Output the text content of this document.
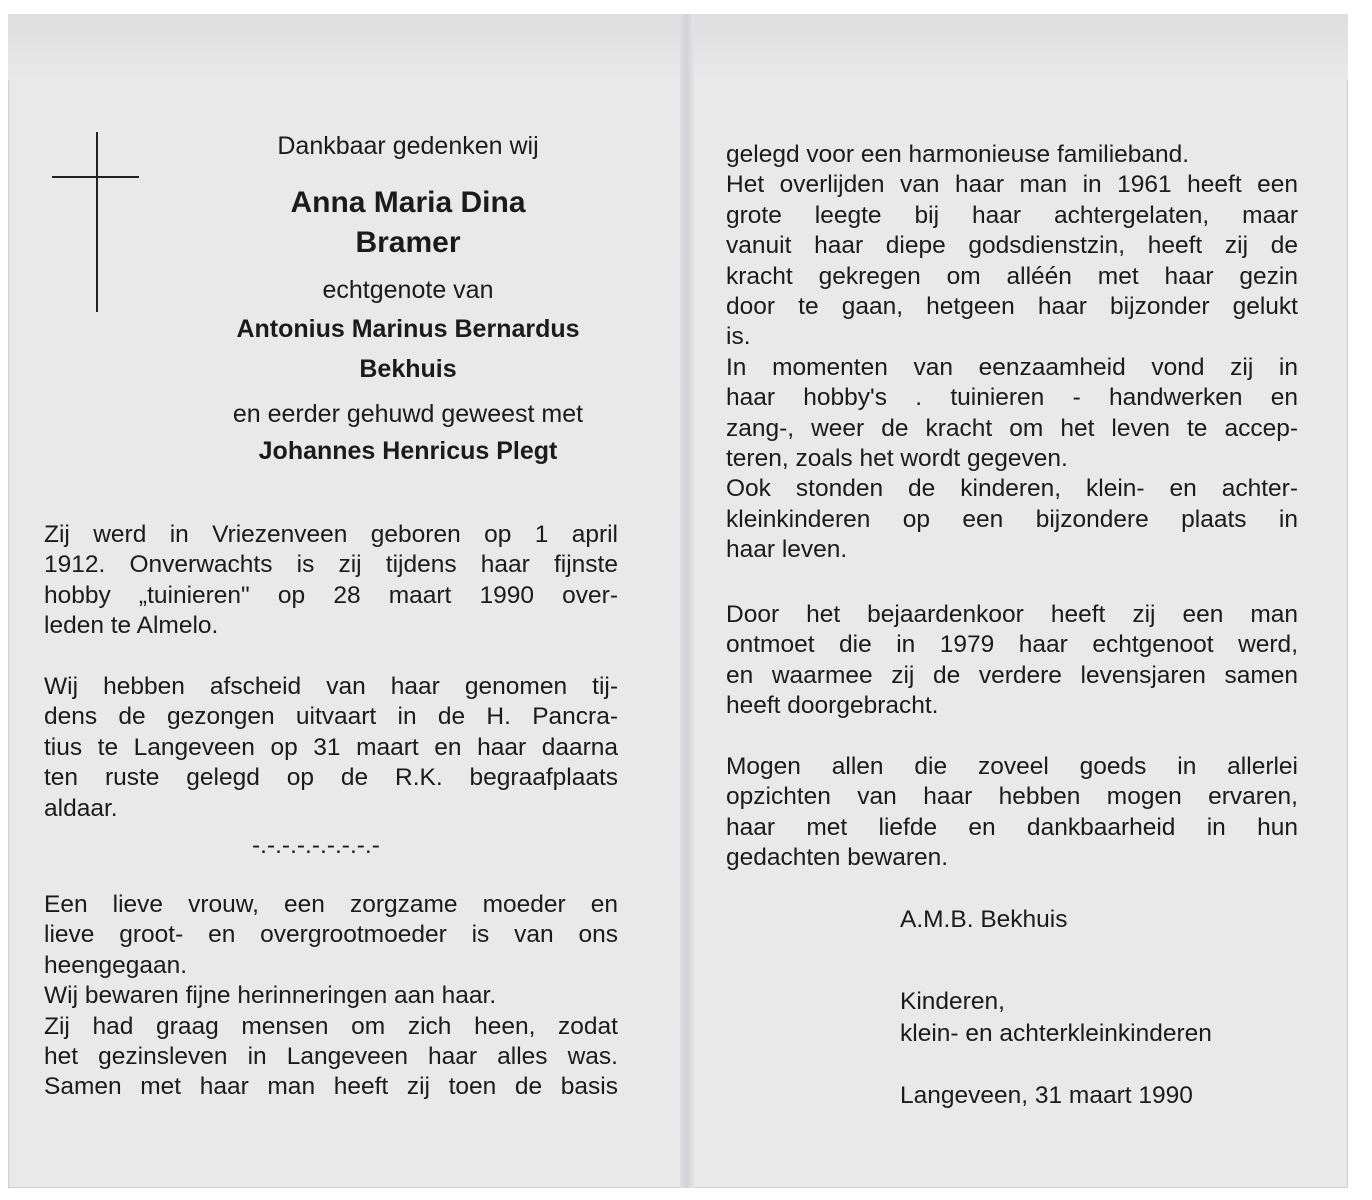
Dankbaar gedenken wij
Anna Maria Dina
Bramer
echtgenote van
Antonius Marinus Bernardus
Bekhuis
en eerder gehuwd geweest met
Johannes Henricus Plegt
Zij werd in Vriezenveen geboren op 1 april
1912. Onverwachts is zij tijdens haar fijnste
hobby „tuinieren" op 28 maart 1990 over-
leden te Almelo.
Wij hebben afscheid van haar genomen tij-
dens de gezongen uitvaart in de H. Pancra-
tius te Langeveen op 31 maart en haar daarna
ten ruste gelegd op de R.K. begraafplaats
aldaar.
-.-.-.-.-.-.-.-.-
Een lieve vrouw, een zorgzame moeder en
lieve groot- en overgrootmoeder is van ons
heengegaan.
Wij bewaren fijne herinneringen aan haar.
Zij had graag mensen om zich heen, zodat
het gezinsleven in Langeveen haar alles was.
Samen met haar man heeft zij toen de basis
gelegd voor een harmonieuse familieband.
Het overlijden van haar man in 1961 heeft een
grote leegte bij haar achtergelaten, maar
vanuit haar diepe godsdienstzin, heeft zij de
kracht gekregen om alléén met haar gezin
door te gaan, hetgeen haar bijzonder gelukt
is.
In momenten van eenzaamheid vond zij in
haar hobby's . tuinieren - handwerken en
zang-, weer de kracht om het leven te accep-
teren, zoals het wordt gegeven.
Ook stonden de kinderen, klein- en achter-
kleinkinderen op een bijzondere plaats in
haar leven.
Door het bejaardenkoor heeft zij een man
ontmoet die in 1979 haar echtgenoot werd,
en waarmee zij de verdere levensjaren samen
heeft doorgebracht.
Mogen allen die zoveel goeds in allerlei
opzichten van haar hebben mogen ervaren,
haar met liefde en dankbaarheid in hun
gedachten bewaren.
A.M.B. Bekhuis
Kinderen,
klein- en achterkleinkinderen
Langeveen, 31 maart 1990
